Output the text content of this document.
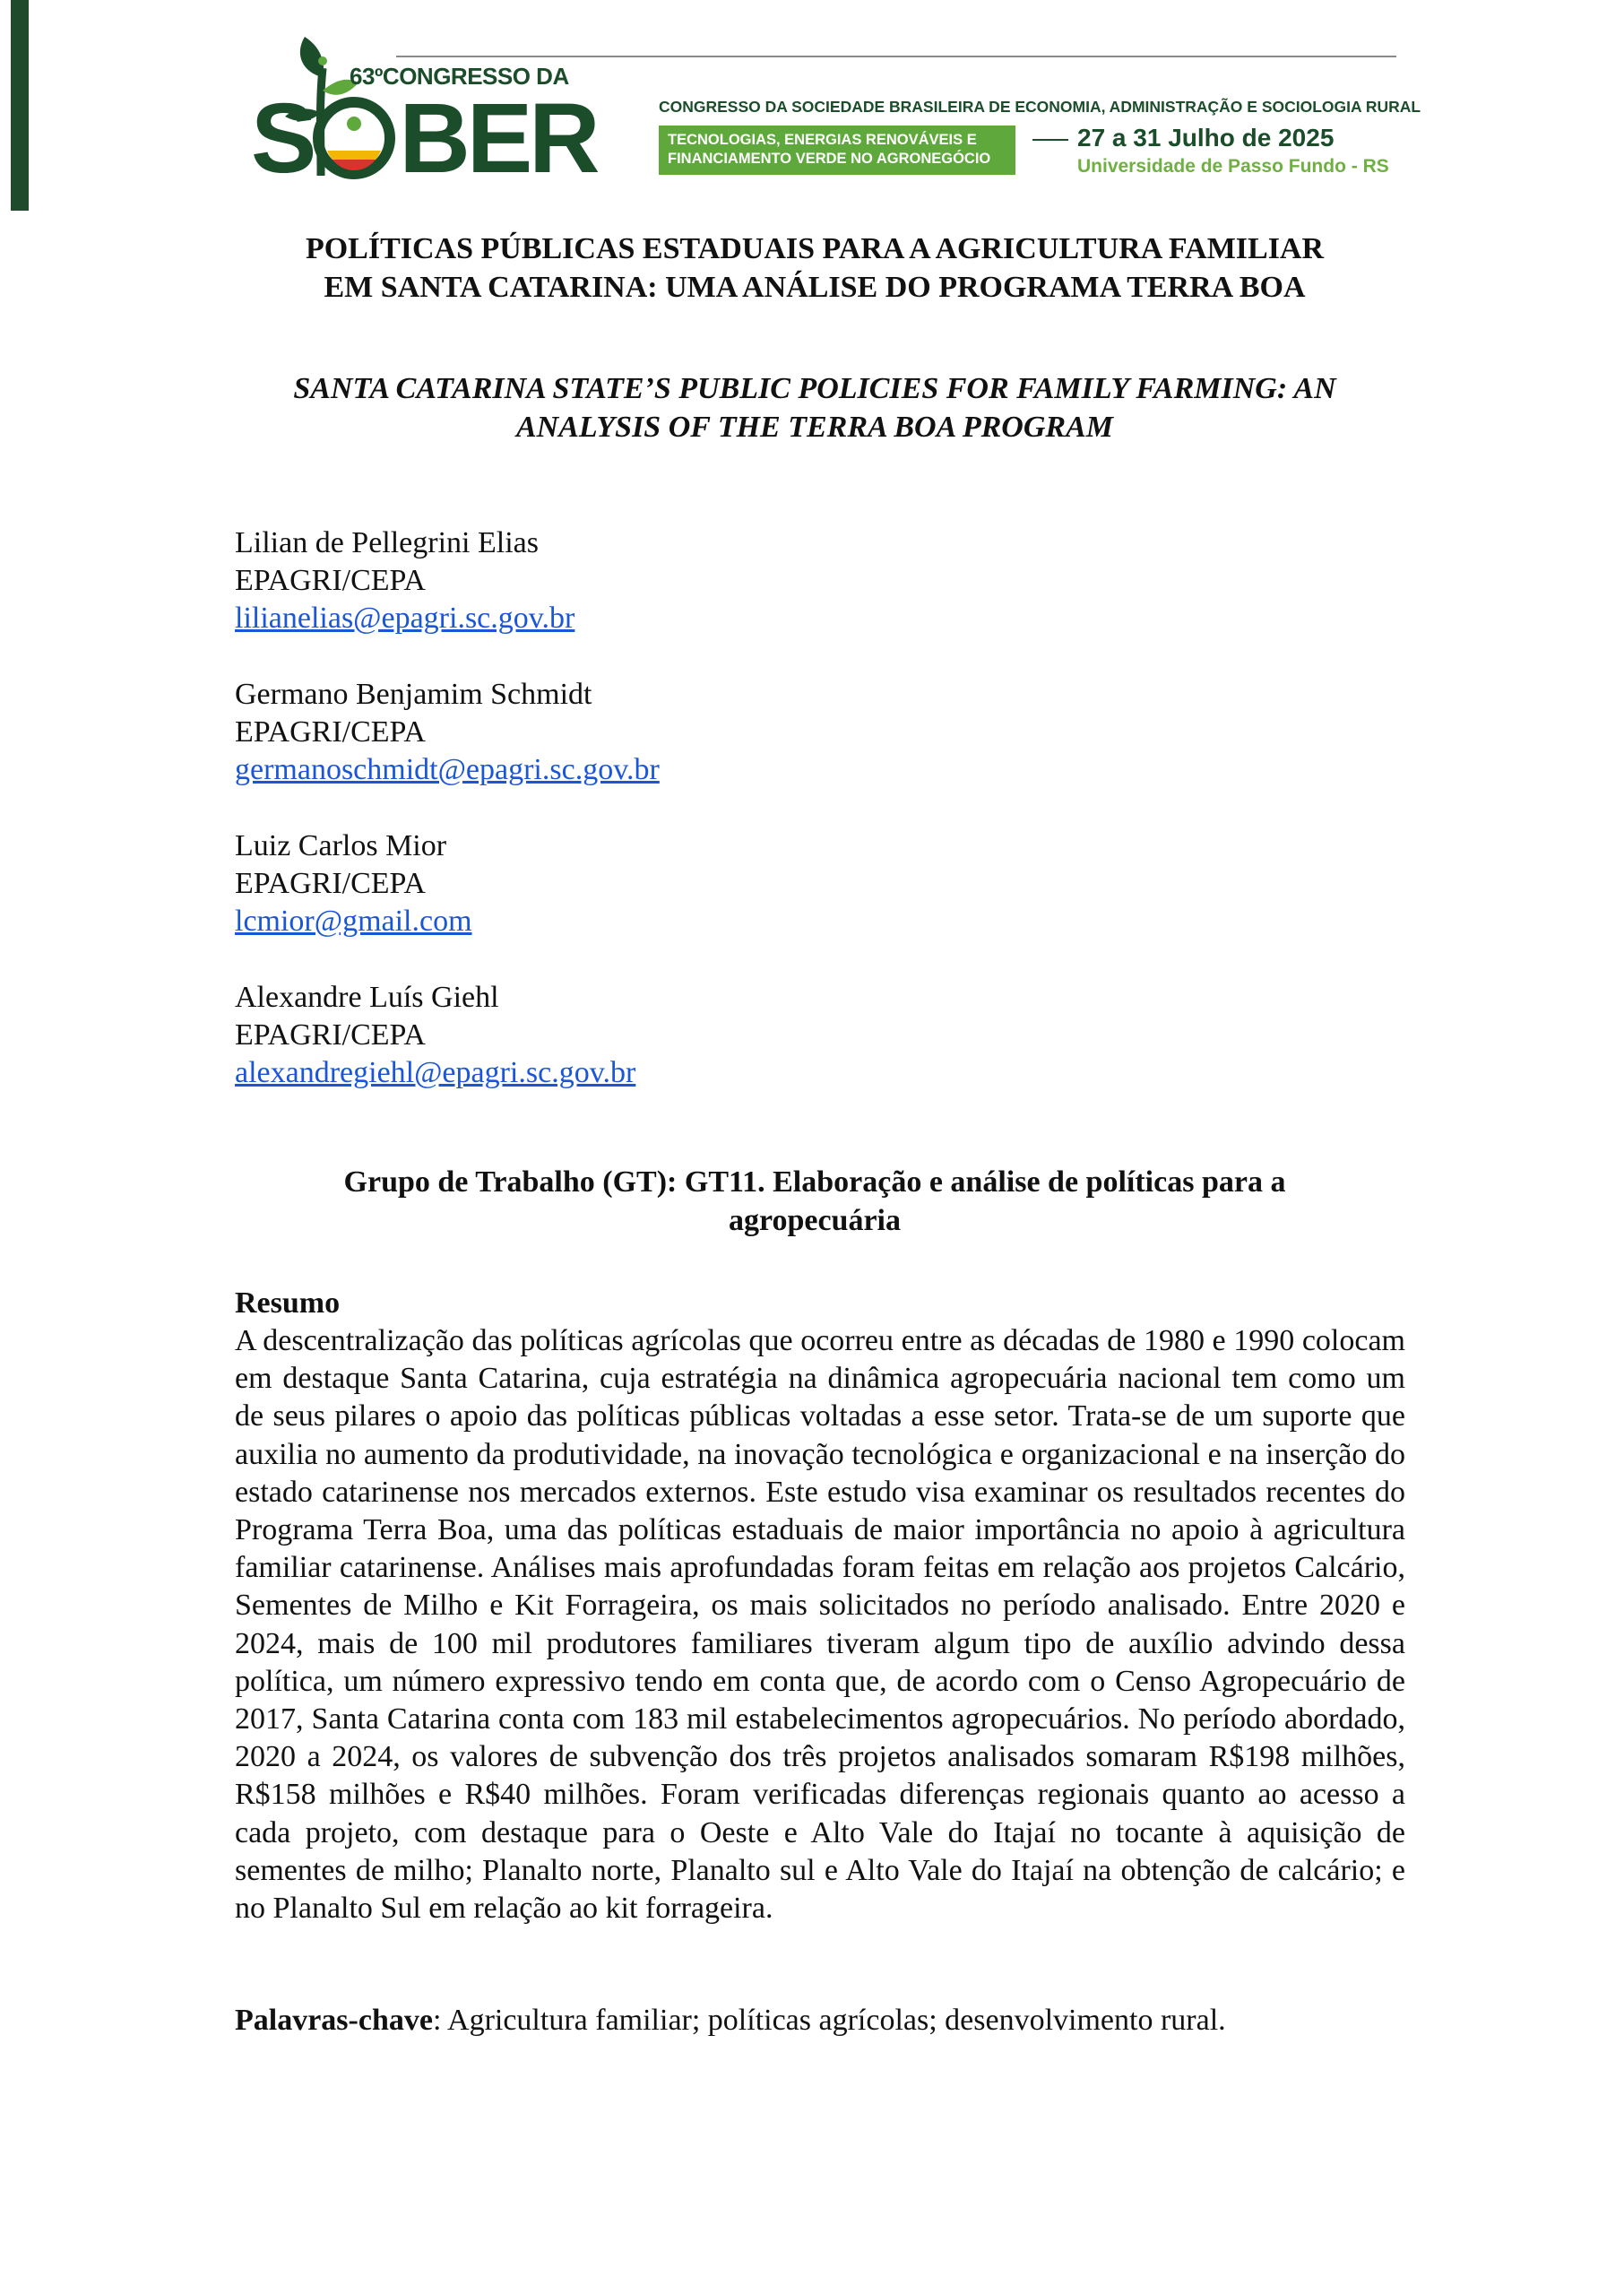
63ºCONGRESSO DA
S BER	CONGRESSO DA SOCIEDADE BRASILEIRA DE ECONOMIA, ADMINISTRAÇÃO E SOCIOLOGIA RURAL
TECNOLOGIAS, ENERGIAS RENOVÁVEIS E
FINANCIAMENTO VERDE NO AGRONEGÓCIO
27 a 31 Julho de 2025
Universidade de Passo Fundo - RS
POLÍTICAS PÚBLICAS ESTADUAIS PARA A AGRICULTURA FAMILIAR
EM SANTA CATARINA: UMA ANÁLISE DO PROGRAMA TERRA BOA
SANTA CATARINA STATE’S PUBLIC POLICIES FOR FAMILY FARMING: AN
ANALYSIS OF THE TERRA BOA PROGRAM
Lilian de Pellegrini Elias
EPAGRI/CEPA
lilianelias@epagri.sc.gov.br
Germano Benjamim Schmidt
EPAGRI/CEPA
germanoschmidt@epagri.sc.gov.br
Luiz Carlos Mior
EPAGRI/CEPA
lcmior@gmail.com
Alexandre Luís Giehl
EPAGRI/CEPA
alexandregiehl@epagri.sc.gov.br
Grupo de Trabalho (GT): GT11. Elaboração e análise de políticas para a
agropecuária
Resumo
A descentralização das políticas agrícolas que ocorreu entre as décadas de 1980 e 1990 colocam em destaque Santa Catarina, cuja estratégia na dinâmica agropecuária nacional tem como um de seus pilares o apoio das políticas públicas voltadas a esse setor. Trata-se de um suporte que auxilia no aumento da produtividade, na inovação tecnológica e organizacional e na inserção do estado catarinense nos mercados externos. Este estudo visa examinar os resultados recentes do Programa Terra Boa, uma das políticas estaduais de maior importância no apoio à agricultura familiar catarinense. Análises mais aprofundadas foram feitas em relação aos projetos Calcário, Sementes de Milho e Kit Forrageira, os mais solicitados no período analisado. Entre 2020 e 2024, mais de 100 mil produtores familiares tiveram algum tipo de auxílio advindo dessa política, um número expressivo tendo em conta que, de acordo com o Censo Agropecuário de 2017, Santa Catarina conta com 183 mil estabelecimentos agropecuários. No período abordado, 2020 a 2024, os valores de subvenção dos três projetos analisados somaram R$198 milhões, R$158 milhões e R$40 milhões. Foram verificadas diferenças regionais quanto ao acesso a cada projeto, com destaque para o Oeste e Alto Vale do Itajaí no tocante à aquisição de sementes de milho; Planalto norte, Planalto sul e Alto Vale do Itajaí na obtenção de calcário; e no Planalto Sul em relação ao kit forrageira.
Palavras-chave: Agricultura familiar; políticas agrícolas; desenvolvimento rural.
